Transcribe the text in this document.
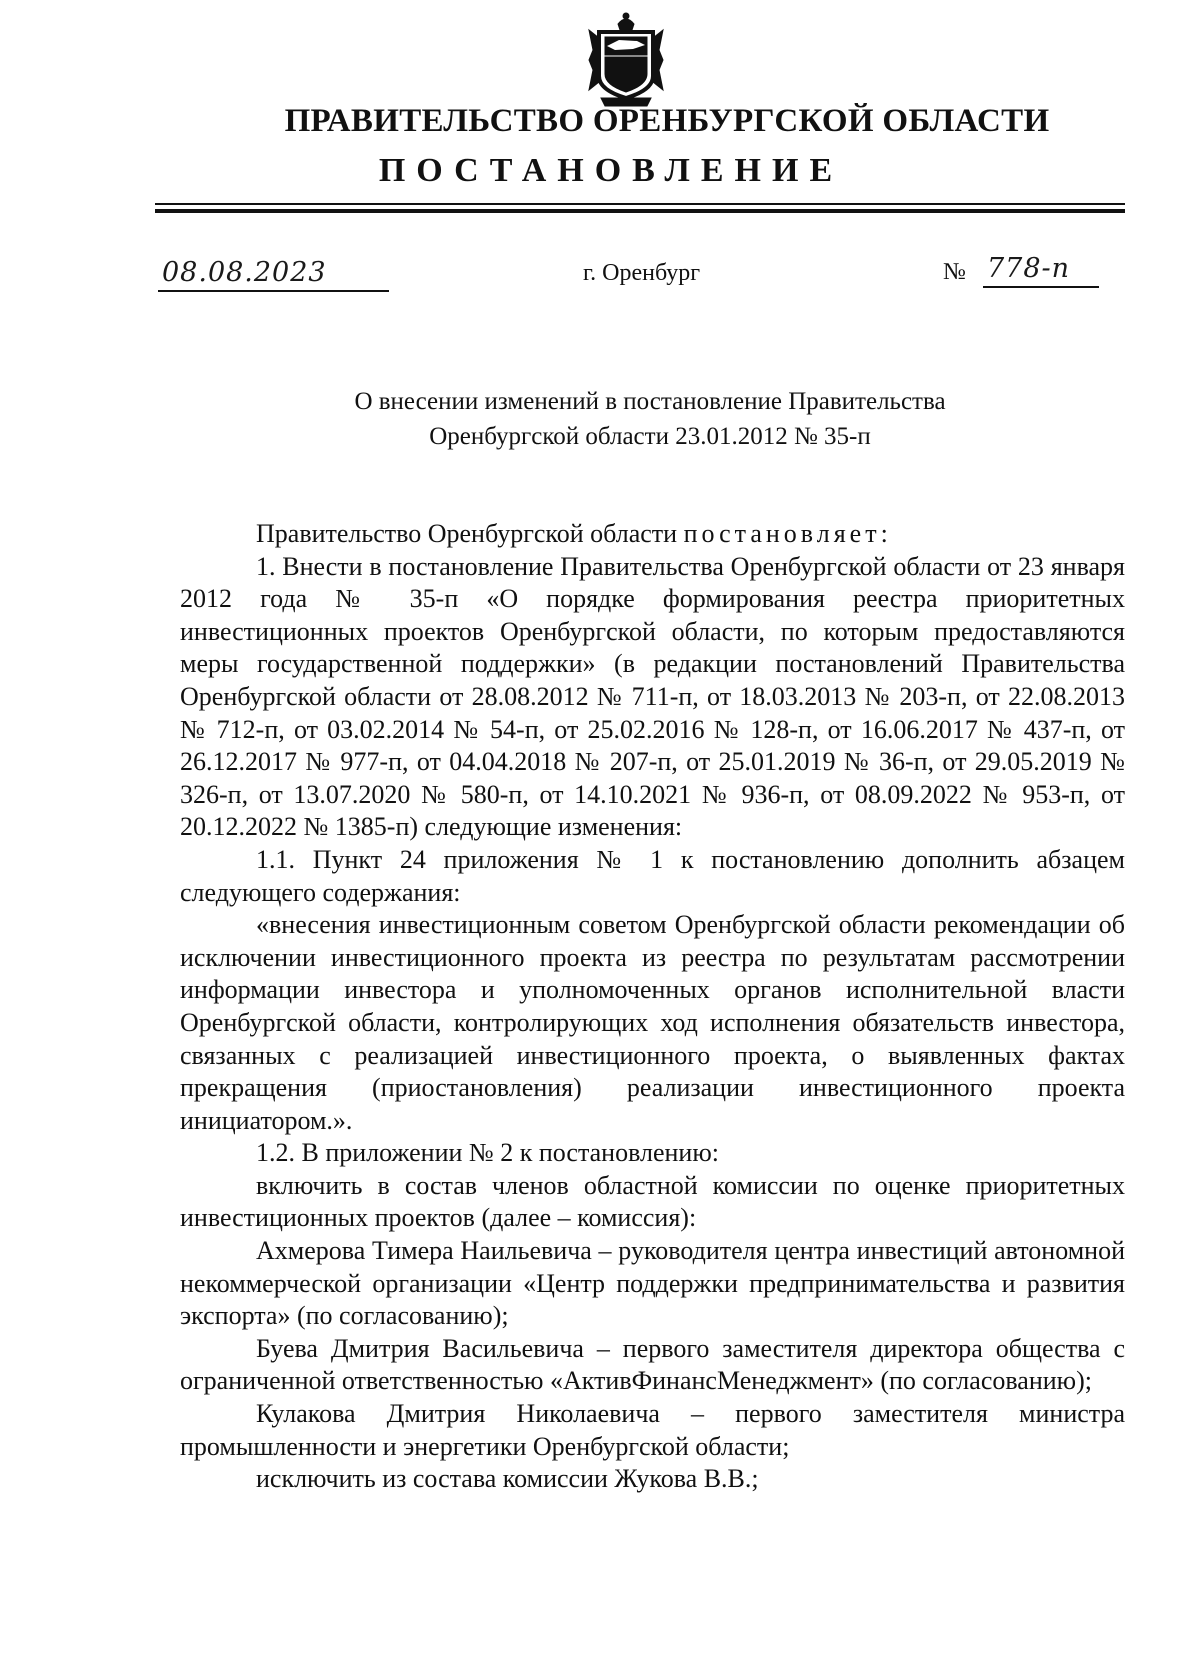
ПРАВИТЕЛЬСТВО ОРЕНБУРГСКОЙ ОБЛАСТИ
ПОСТАНОВЛЕНИЕ
08.08.2023	г. Оренбург	№ 778-п
О внесении изменений в постановление Правительства
Оренбургской области 23.01.2012 № 35-п

Правительство Оренбургской области постановляет:

1. Внести в постановление Правительства Оренбургской области от 23 января 2012 года № 35-п «О порядке формирования реестра приоритетных инвестиционных проектов Оренбургской области, по которым предоставляются меры государственной поддержки» (в редакции постановлений Правительства Оренбургской области от 28.08.2012 № 711-п, от 18.03.2013 № 203-п, от 22.08.2013 № 712-п, от 03.02.2014 № 54-п, от 25.02.2016 № 128-п, от 16.06.2017 № 437-п, от 26.12.2017 № 977-п, от 04.04.2018 № 207-п, от 25.01.2019 № 36-п, от 29.05.2019 № 326-п, от 13.07.2020 № 580-п, от 14.10.2021 № 936-п, от 08.09.2022 № 953-п, от 20.12.2022 № 1385-п) следующие изменения:

1.1. Пункт 24 приложения № 1 к постановлению дополнить абзацем следующего содержания:

«внесения инвестиционным советом Оренбургской области рекомендации об исключении инвестиционного проекта из реестра по результатам рассмотрении информации инвестора и уполномоченных органов исполнительной власти Оренбургской области, контролирующих ход исполнения обязательств инвестора, связанных с реализацией инвестиционного проекта, о выявленных фактах прекращения (приостановления) реализации инвестиционного проекта инициатором.».

1.2. В приложении № 2 к постановлению:

включить в состав членов областной комиссии по оценке приоритетных инвестиционных проектов (далее – комиссия):

Ахмерова Тимера Наильевича – руководителя центра инвестиций автономной некоммерческой организации «Центр поддержки предпринимательства и развития экспорта» (по согласованию);

Буева Дмитрия Васильевича – первого заместителя директора общества с ограниченной ответственностью «АктивФинансМенеджмент» (по согласованию);

Кулакова Дмитрия Николаевича – первого заместителя министра промышленности и энергетики Оренбургской области;

исключить из состава комиссии Жукова В.В.;
